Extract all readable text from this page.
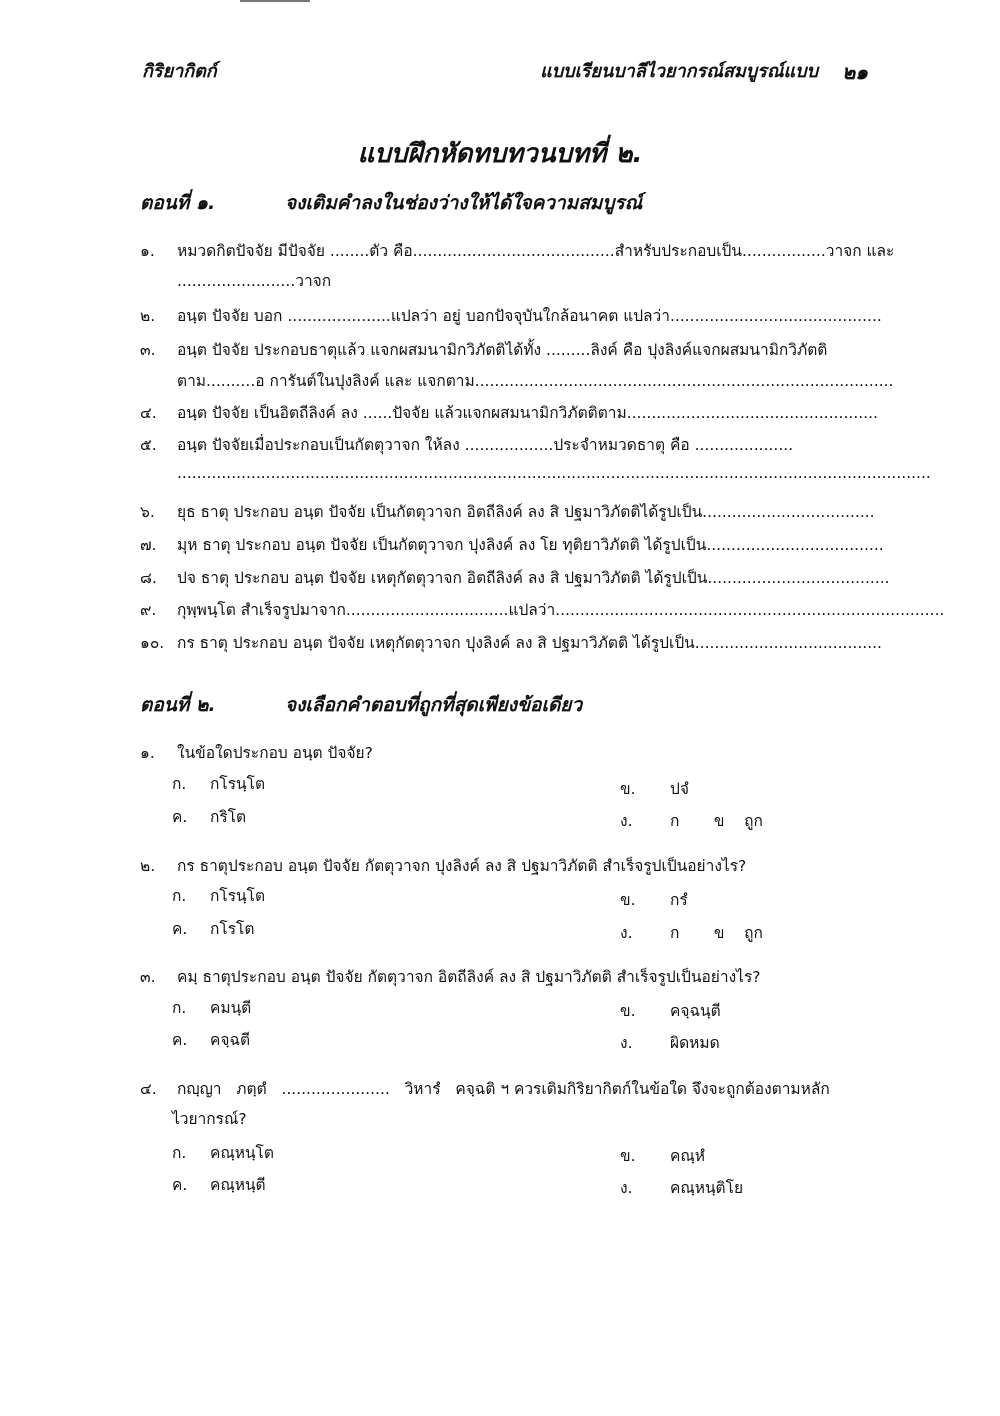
กิริยากิตก์	แบบเรียนบาลีไวยากรณ์สมบูรณ์แบบ ๒๑
แบบฝึกหัดทบทวนบทที่ ๒.
ตอนที่ ๑.	จงเติมคำลงในช่องว่างให้ได้ใจความสมบูรณ์
๑. หมวดกิตปัจจัย มีปัจจัย ........ตัว คือ.........................................สำหรับประกอบเป็น.................วาจก และ
........................วาจก
๒. อนฺต ปัจจัย บอก .....................แปลว่า อยู่ บอกปัจจุบันใกล้อนาคต แปลว่า...........................................
๓. อนฺต ปัจจัย ประกอบธาตุแล้ว แจกผสมนามิกวิภัตติได้ทั้ง .........ลิงค์ คือ ปุงลิงค์แจกผสมนามิกวิภัตติ
ตาม..........อ การันต์ในปุงลิงค์ และ แจกตาม.....................................................................................
๔. อนฺต ปัจจัย เป็นอิตถีลิงค์ ลง ......ปัจจัย แล้วแจกผสมนามิกวิภัตติตาม...................................................
๕. อนฺต ปัจจัยเมื่อประกอบเป็นกัตตุวาจก ให้ลง ..................ประจำหมวดธาตุ คือ ....................
.........................................................................................................................................................
๖. ยุธ ธาตุ ประกอบ อนฺต ปัจจัย เป็นกัตตุวาจก อิตถีลิงค์ ลง สิ ปฐมาวิภัตติได้รูปเป็น...................................
๗. มุห ธาตุ ประกอบ อนฺต ปัจจัย เป็นกัตตุวาจก ปุงลิงค์ ลง โย ทุติยาวิภัตติ ได้รูปเป็น....................................
๘. ปจ ธาตุ ประกอบ อนฺต ปัจจัย เหตุกัตตุวาจก อิตถีลิงค์ ลง สิ ปฐมาวิภัตติ ได้รูปเป็น.....................................
๙. กุพฺพนฺโต สำเร็จรูปมาจาก.................................แปลว่า...............................................................................
๑๐. กร ธาตุ ประกอบ อนฺต ปัจจัย เหตุกัตตุวาจก ปุงลิงค์ ลง สิ ปฐมาวิภัตติ ได้รูปเป็น......................................
ตอนที่ ๒.	จงเลือกคำตอบที่ถูกที่สุดเพียงข้อเดียว
๑. ในข้อใดประกอบ อนฺต ปัจจัย?
ก. กโรนฺโต	ข. ปจํ
ค. กริโต	ง. ก       ข    ถูก
๒. กร ธาตุประกอบ อนฺต ปัจจัย กัตตุวาจก ปุงลิงค์ ลง สิ ปฐมาวิภัตติ สำเร็จรูปเป็นอย่างไร?
ก. กโรนฺโต	ข. กรํ
ค. กโรโต	ง. ก       ข    ถูก
๓. คมฺ ธาตุประกอบ อนฺต ปัจจัย กัตตุวาจก อิตถีลิงค์ ลง สิ ปฐมาวิภัตติ สำเร็จรูปเป็นอย่างไร?
ก. คมนฺตี	ข. คจฺฉนฺตี
ค. คจฺฉตี	ง. ผิดหมด
๔. กญฺญา   ภตฺตํ   ......................   วิหารํ   คจฺฉติ ฯ ควรเติมกิริยากิตก์ในข้อใด จึงจะถูกต้องตามหลัก
ไวยากรณ์?
ก. คณฺหนฺโต	ข. คณฺหํ
ค. คณฺหนฺตี	ง. คณฺหนฺติโย
